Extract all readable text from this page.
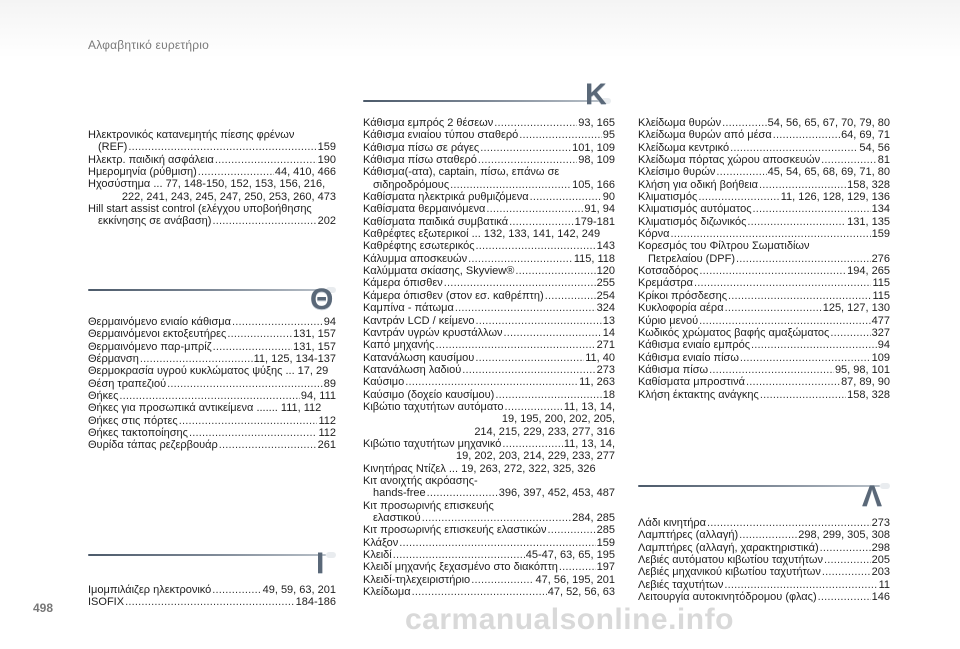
Αλφαβητικό ευρετήριο
Ηλεκτρονικός κατανεμητής πίεσης φρένων
(REF) .....	159
Ηλεκτρ. παιδική ασφάλεια .....	190
Ημερομηνία (ρύθμιση) .....	44, 410, 466
Ηχοσύστημα ... 77, 148-150, 152, 153, 156, 216,
222, 241, 243, 245, 247, 250, 253, 260, 473
Hill start assist control (ελέγχου υποβοήθησης
εκκίνησης σε ανάβαση) .....	202
Θ
Θερμαινόμενο ενιαίο κάθισμα .....	94
Θερμαινόμενοι εκτοξευτήρες .....	131, 157
Θερμαινόμενο παρ-μπρίζ .....	131, 157
Θέρμανση .....	11, 125, 134-137
Θερμοκρασία υγρού κυκλώματος ψύξης ... 17, 29
Θέση τραπεζιού .....	89
Θήκες .....	94, 111
Θήκες για προσωπικά αντικείμενα ....... 111, 112
Θήκες στις πόρτες .....	112
Θήκες τακτοποίησης .....	112
Θυρίδα τάπας ρεζερβουάρ .....	261
Ι
Ιμομπιλάιζερ ηλεκτρονικό .....	49, 59, 63, 201
ISOFIX .....	184-186
Κ
Κάθισμα εμπρός 2 θέσεων .....	93, 165
Κάθισμα ενιαίου τύπου σταθερό .....	95
Κάθισμα πίσω σε ράγες .....	101, 109
Κάθισμα πίσω σταθερό .....	98, 109
Κάθισμα(-ατα), captain, πίσω, επάνω σε
σιδηροδρόμους .....	105, 166
Καθίσματα ηλεκτρικά ρυθμιζόμενα .....	90
Καθίσματα θερμαινόμενα .....	91, 94
Καθίσματα παιδικά συμβατικά .....	179-181
Καθρέφτες εξωτερικοί ... 132, 133, 141, 142, 249
Καθρέφτης εσωτερικός .....	143
Κάλυμμα αποσκευών .....	115, 118
Καλύμματα σκίασης, Skyview® .....	120
Κάμερα όπισθεν .....	255
Κάμερα όπισθεν (στον εσ. καθρέπτη) .....	254
Καμπίνα - πάτωμα .....	324
Καντράν LCD / κείμενο .....	13
Καντράν υγρών κρυστάλλων .....	14
Καπό μηχανής .....	271
Κατανάλωση καυσίμου .....	11, 40
Κατανάλωση λαδιού .....	273
Καύσιμο .....	11, 263
Καύσιμο (δοχείο καυσίμου) .....	18
Κιβώτιο ταχυτήτων αυτόματο .....	11, 13, 14,
19, 195, 200, 202, 205,
214, 215, 229, 233, 277, 316
Κιβώτιο ταχυτήτων μηχανικό .....	11, 13, 14,
19, 202, 203, 214, 229, 233, 277
Κινητήρας Ντίζελ ... 19, 263, 272, 322, 325, 326
Κιτ ανοιχτής ακρόασης-
hands-free .....	396, 397, 452, 453, 487
Κιτ προσωρινής επισκευής
ελαστικού .....	284, 285
Κιτ προσωρινής επισκευής ελαστικών .....	285
Κλάξον .....	159
Κλειδί .....	45-47, 63, 65, 195
Κλειδί μηχανής ξεχασμένο στο διακόπτη .....	197
Κλειδί-τηλεχειριστήριο .....	47, 56, 195, 201
Κλείδωμα .....	47, 52, 56, 63
Κλείδωμα θυρών .....	54, 56, 65, 67, 70, 79, 80
Κλείδωμα θυρών από μέσα .....	64, 69, 71
Κλείδωμα κεντρικό .....	54, 56
Κλείδωμα πόρτας χώρου αποσκευών .....	81
Κλείσιμο θυρών .....	45, 54, 65, 68, 69, 71, 80
Κλήση για οδική βοήθεια .....	158, 328
Κλιματισμός .....	11, 126, 128, 129, 136
Κλιματισμός αυτόματος .....	134
Κλιματισμός διζωνικός .....	131, 135
Κόρνα .....	159
Κορεσμός του Φίλτρου Σωματιδίων
Πετρελαίου (DPF) .....	276
Κοτσαδόρος .....	194, 265
Κρεμάστρα .....	115
Κρίκοι πρόσδεσης .....	115
Κυκλοφορία αέρα .....	125, 127, 130
Κύριο μενού .....	477
Κωδικός χρώματος βαφής αμαξώματος .....	327
Κάθισμα ενιαίο εμπρός .....	94
Κάθισμα ενιαίο πίσω .....	109
Κάθισμα πίσω .....	95, 98, 101
Καθίσματα μπροστινά .....	87, 89, 90
Κλήση έκτακτης ανάγκης .....	158, 328
Λ
Λάδι κινητήρα .....	273
Λαμπτήρες (αλλαγή) .....	298, 299, 305, 308
Λαμπτήρες (αλλαγή, χαρακτηριστικά) .....	298
Λεβιές αυτόματου κιβωτίου ταχυτήτων .....	205
Λεβιές μηχανικού κιβωτίου ταχυτήτων .....	203
Λεβιές ταχυτήτων .....	11
Λειτουργία αυτοκινητόδρομου (φλας) .....	146
498	carmanualsonline.info
